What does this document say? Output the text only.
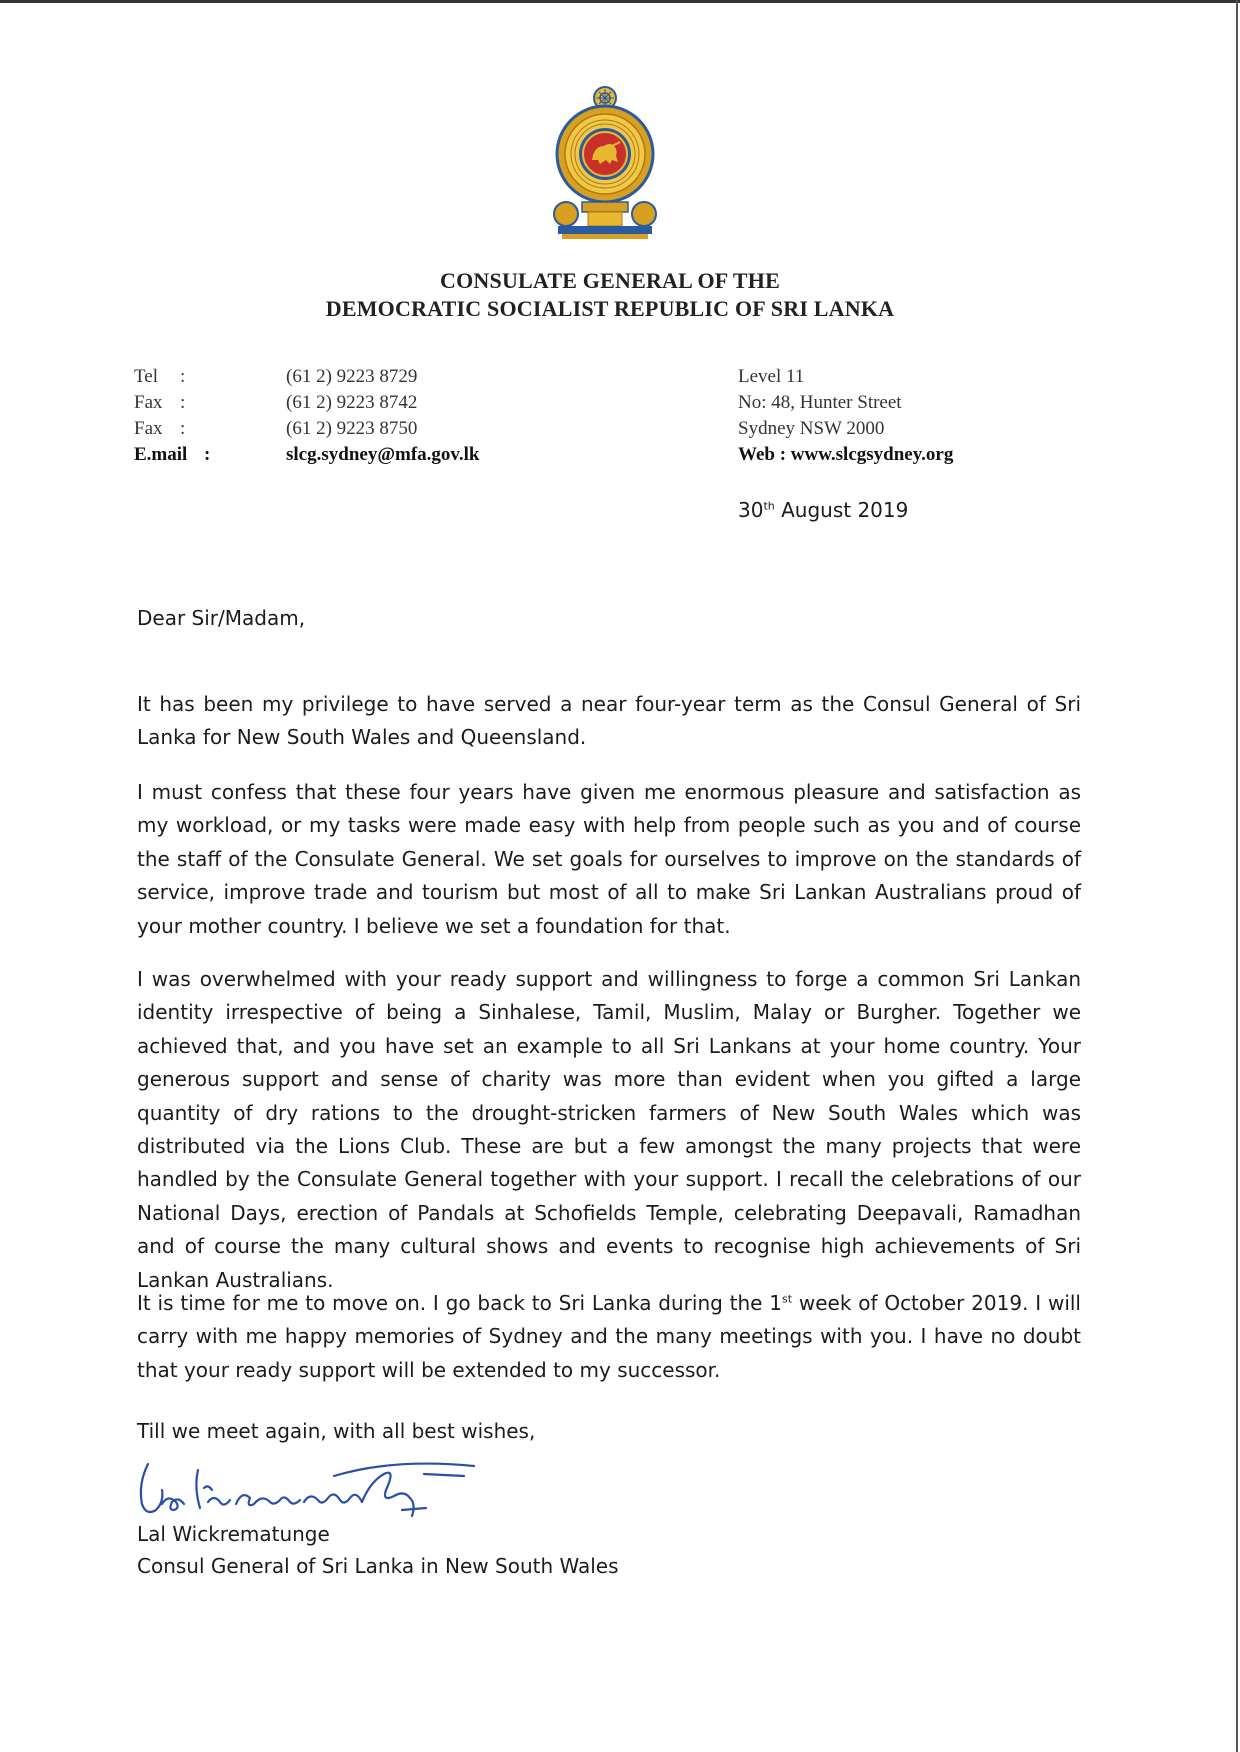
CONSULATE GENERAL OF THE
DEMOCRATIC SOCIALIST REPUBLIC OF SRI LANKA
Tel	:	(61 2) 9223 8729
Fax :	(61 2) 9223 8742
Fax :	(61 2) 9223 8750
E.mail :	slcg.sydney@mfa.gov.lk
Level 11
No: 48, Hunter Street
Sydney NSW 2000
Web : www.slcgsydney.org
30th August 2019
Dear Sir/Madam,

It has been my privilege to have served a near four-year term as the Consul General of Sri Lanka for New South Wales and Queensland.

I must confess that these four years have given me enormous pleasure and satisfaction as my workload, or my tasks were made easy with help from people such as you and of course the staff of the Consulate General. We set goals for ourselves to improve on the standards of service, improve trade and tourism but most of all to make Sri Lankan Australians proud of your mother country. I believe we set a foundation for that.

I was overwhelmed with your ready support and willingness to forge a common Sri Lankan identity irrespective of being a Sinhalese, Tamil, Muslim, Malay or Burgher. Together we achieved that, and you have set an example to all Sri Lankans at your home country. Your generous support and sense of charity was more than evident when you gifted a large quantity of dry rations to the drought-stricken farmers of New South Wales which was distributed via the Lions Club. These are but a few amongst the many projects that were handled by the Consulate General together with your support. I recall the celebrations of our National Days, erection of Pandals at Schofields Temple, celebrating Deepavali, Ramadhan and of course the many cultural shows and events to recognise high achievements of Sri Lankan Australians.

It is time for me to move on. I go back to Sri Lanka during the 1st week of October 2019. I will carry with me happy memories of Sydney and the many meetings with you. I have no doubt that your ready support will be extended to my successor.

Till we meet again, with all best wishes,
Lal Wickrematunge
Consul General of Sri Lanka in New South Wales
